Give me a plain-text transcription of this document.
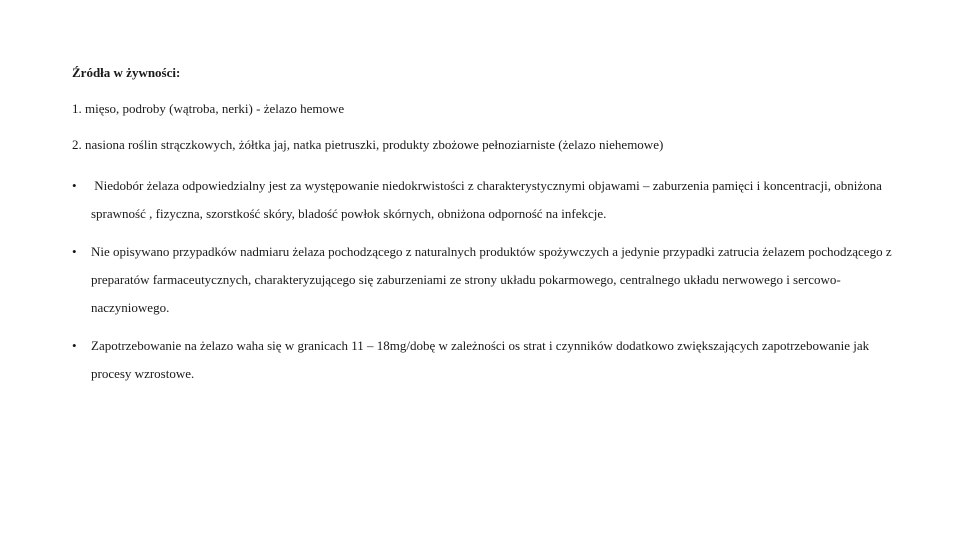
Źródła w żywności:

1. mięso, podroby (wątroba, nerki) - żelazo hemowe

2. nasiona roślin strączkowych, żółtka jaj, natka pietruszki, produkty zbożowe pełnoziarniste (żelazo niehemowe)

• Niedobór żelaza odpowiedzialny jest za występowanie niedokrwistości z charakterystycznymi objawami – zaburzenia pamięci i koncentracji, obniżona sprawność , fizyczna, szorstkość skóry, bladość powłok skórnych, obniżona odporność na infekcje.
• Nie opisywano przypadków nadmiaru żelaza pochodzącego z naturalnych produktów spożywczych a jedynie przypadki zatrucia żelazem pochodzącego z preparatów farmaceutycznych, charakteryzującego się zaburzeniami ze strony układu pokarmowego, centralnego układu nerwowego i sercowo-naczyniowego.
• Zapotrzebowanie na żelazo waha się w granicach 11 – 18mg/dobę w zależności os strat i czynników dodatkowo zwiększających zapotrzebowanie jak procesy wzrostowe.
